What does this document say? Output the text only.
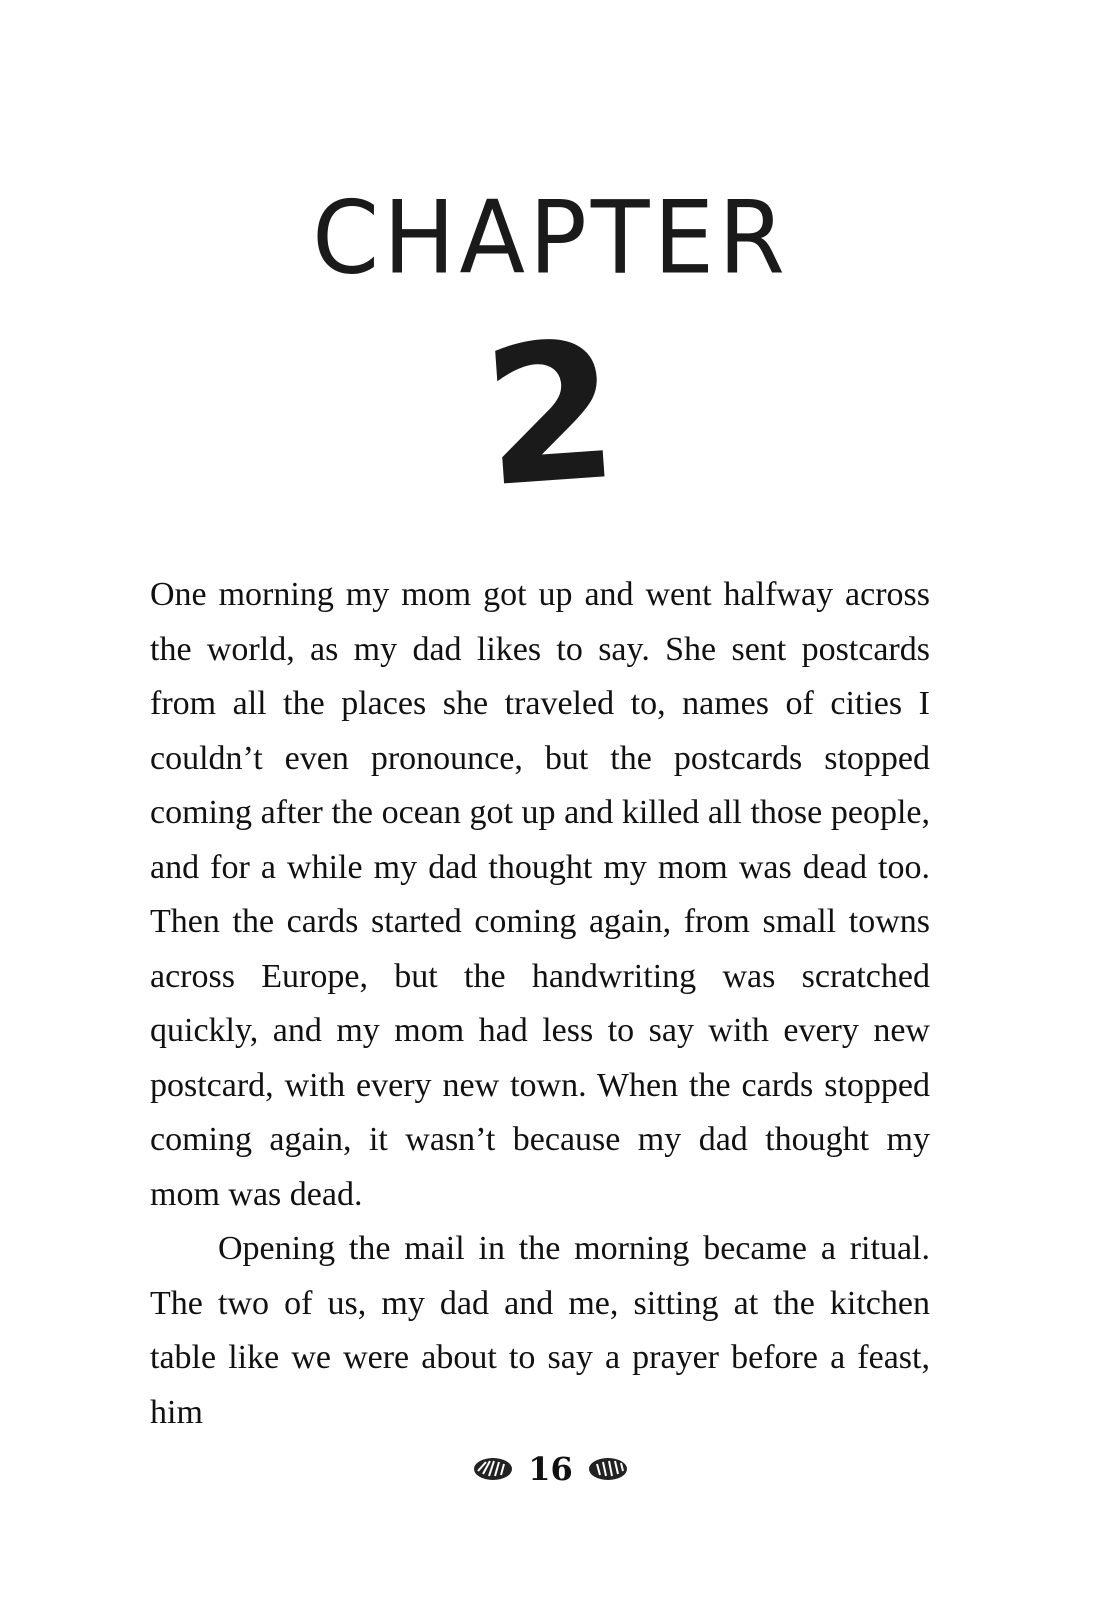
CHAPTER
2

One morning my mom got up and went halfway across the world, as my dad likes to say. She sent postcards from all the places she traveled to, names of cities I couldn’t even pronounce, but the postcards stopped coming after the ocean got up and killed all those people, and for a while my dad thought my mom was dead too. Then the cards started coming again, from small towns across Europe, but the handwriting was scratched quickly, and my mom had less to say with every new postcard, with every new town. When the cards stopped coming again, it wasn’t because my dad thought my mom was dead.

Opening the mail in the morning became a ritual. The two of us, my dad and me, sitting at the kitchen table like we were about to say a prayer before a feast, him

16
